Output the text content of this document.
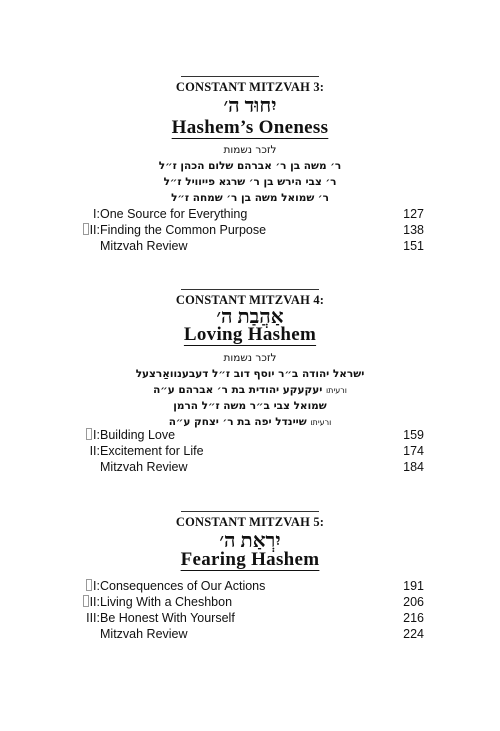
CONSTANT MITZVAH 3:
יִחוּד ה׳
Hashem’s Oneness
לזכר נשמות
ר׳ משה בן ר׳ אברהם שלום הכהן ז״ל
ר׳ צבי הירש בן ר׳ שרגא פייוויל ז״ל
ר׳ שמואל משה בן ר׳ שמחה ז״ל
I: One Source for Everything	127
II: Finding the Common Purpose	138
Mitzvah Review	151
CONSTANT MITZVAH 4:
אַהֲבַת ה׳
Loving Hashem
לזכר נשמות
ישראל יהודה ב״ר יוסף דוב ז״ל דעבענוואַרצעל
ורעיתו יעקעקע יהודית בת ר׳ אברהם ע״ה
שמואל צבי ב״ר משה ז״ל הרמן
ורעיתו שיינדל יפה בת ר׳ יצחק ע״ה
I: Building Love	159
II: Excitement for Life	174
Mitzvah Review	184
CONSTANT MITZVAH 5:
יִרְאַת ה׳
Fearing Hashem
I: Consequences of Our Actions	191
II: Living With a Cheshbon	206
III: Be Honest With Yourself	216
Mitzvah Review	224
